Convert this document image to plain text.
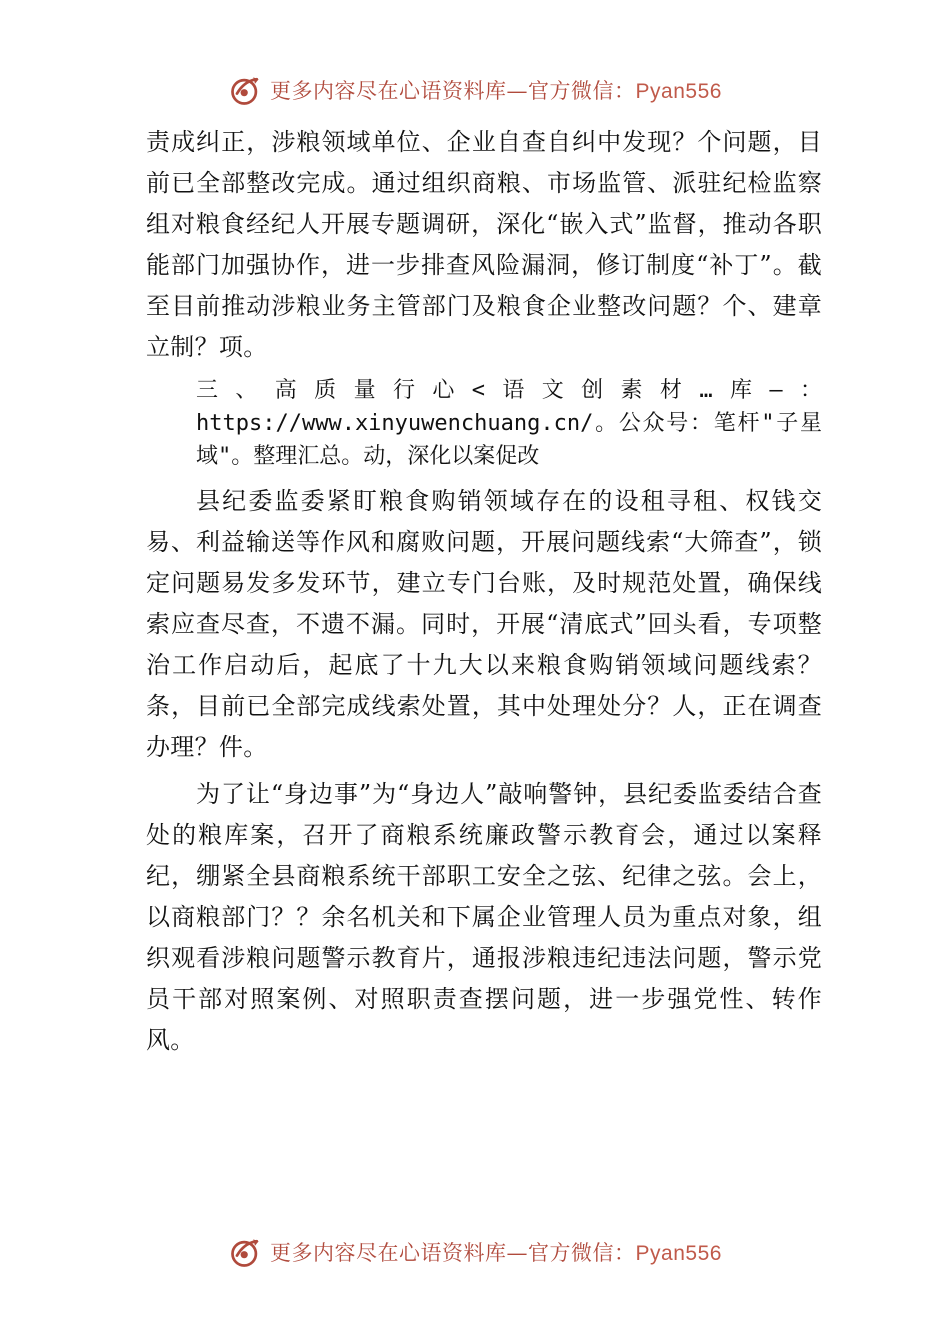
更多内容尽在心语资料库—官方微信：Pyan556

责成纠正，涉粮领域单位、企业自查自纠中发现？个问题，目前已全部整改完成。通过组织商粮、市场监管、派驻纪检监察组对粮食经纪人开展专题调研，深化“嵌入式”监督，推动各职能部门加强协作，进一步排查风险漏洞，修订制度“补丁”。截至目前推动涉粮业务主管部门及粮食企业整改问题？个、建章立制？项。

三、高质量行心<语文创素材…库—：https://www.xinyuwenchuang.cn/。公众号：笔杆"子星域"。整理汇总。动，深化以案促改

县纪委监委紧盯粮食购销领域存在的设租寻租、权钱交易、利益输送等作风和腐败问题，开展问题线索“大筛查”，锁定问题易发多发环节，建立专门台账，及时规范处置，确保线索应查尽查，不遗不漏。同时，开展“清底式”回头看，专项整治工作启动后，起底了十九大以来粮食购销领域问题线索？条，目前已全部完成线索处置，其中处理处分？人，正在调查办理？件。

为了让“身边事”为“身边人”敲响警钟，县纪委监委结合查处的粮库案，召开了商粮系统廉政警示教育会，通过以案释纪，绷紧全县商粮系统干部职工安全之弦、纪律之弦。会上，以商粮部门？？余名机关和下属企业管理人员为重点对象，组织观看涉粮问题警示教育片，通报涉粮违纪违法问题，警示党员干部对照案例、对照职责查摆问题，进一步强党性、转作风。

更多内容尽在心语资料库—官方微信：Pyan556
